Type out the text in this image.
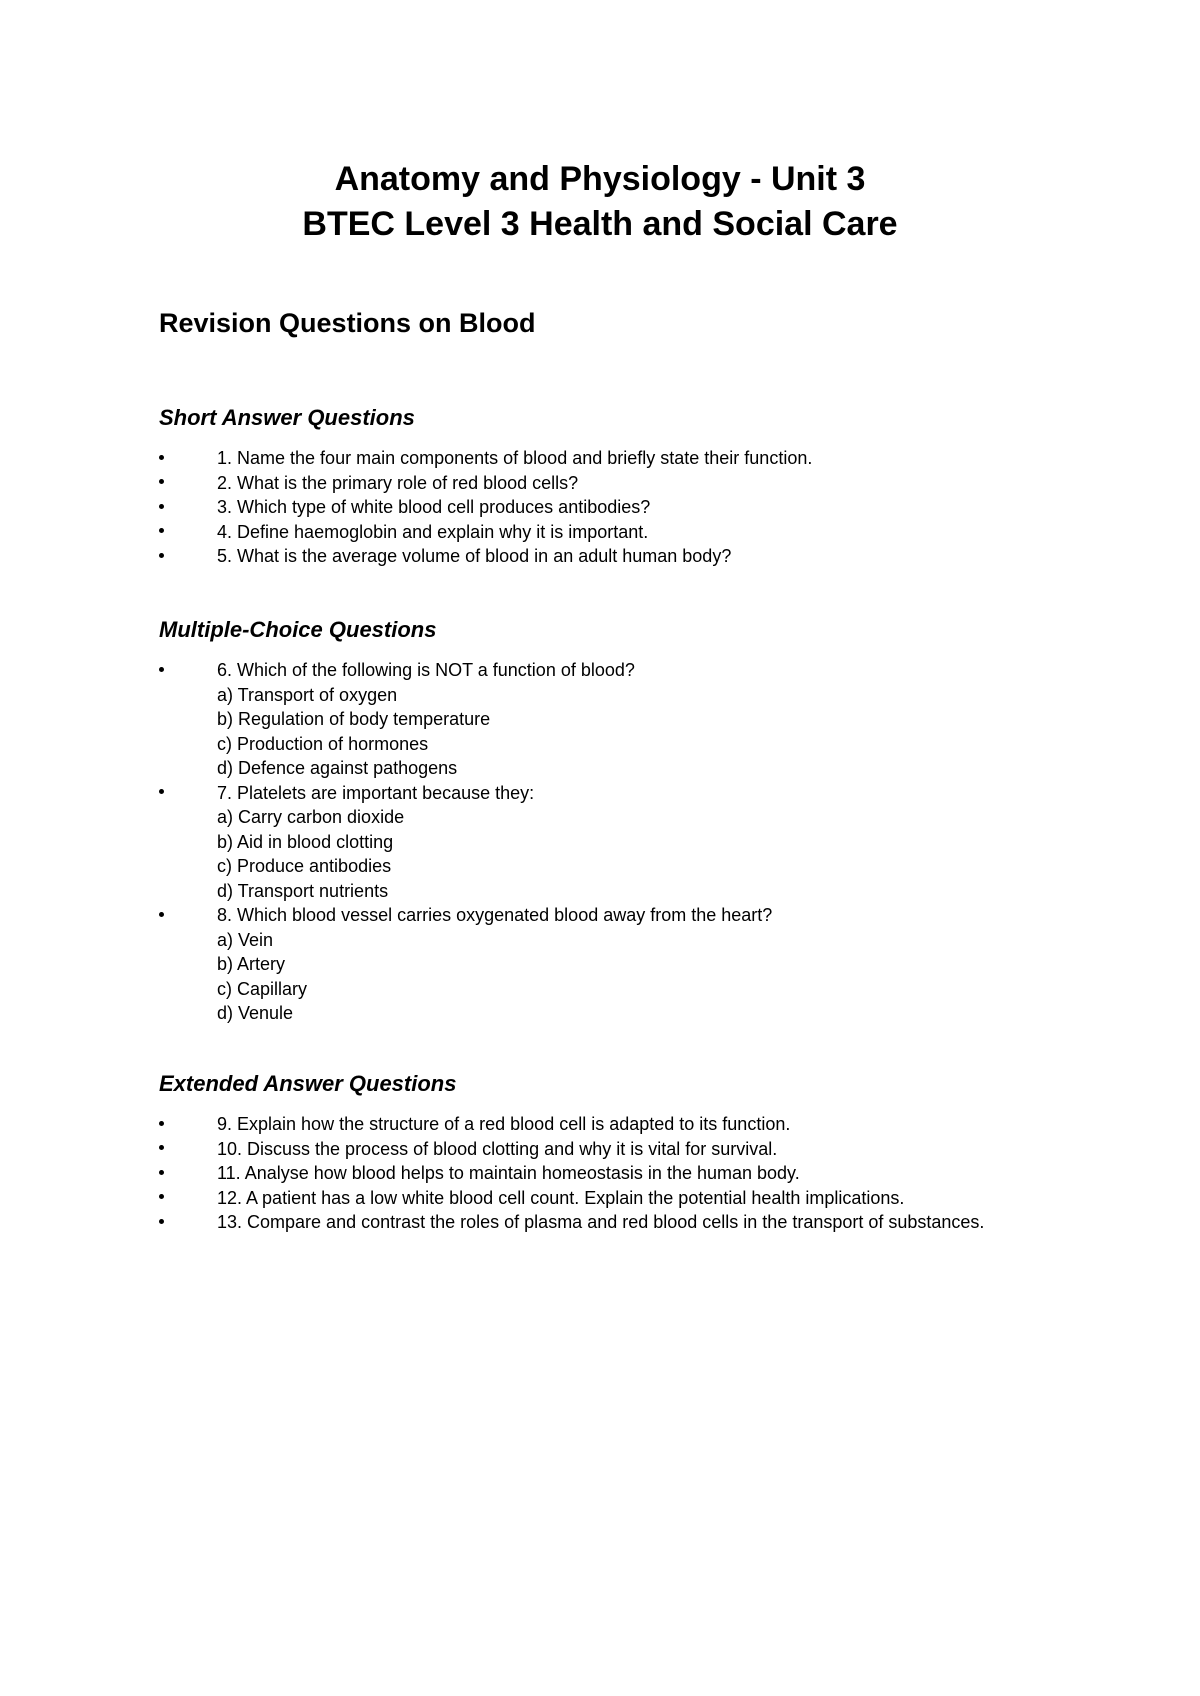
Anatomy and Physiology - Unit 3

BTEC Level 3 Health and Social Care

Revision Questions on Blood
Short Answer Questions
1. Name the four main components of blood and briefly state their function.
2. What is the primary role of red blood cells?
3. Which type of white blood cell produces antibodies?
4. Define haemoglobin and explain why it is important.
5. What is the average volume of blood in an adult human body?
Multiple-Choice Questions
6. Which of the following is NOT a function of blood?
a) Transport of oxygen
b) Regulation of body temperature
c) Production of hormones
d) Defence against pathogens
7. Platelets are important because they:
a) Carry carbon dioxide
b) Aid in blood clotting
c) Produce antibodies
d) Transport nutrients
8. Which blood vessel carries oxygenated blood away from the heart?
a) Vein
b) Artery
c) Capillary
d) Venule
Extended Answer Questions
9. Explain how the structure of a red blood cell is adapted to its function.
10. Discuss the process of blood clotting and why it is vital for survival.
11. Analyse how blood helps to maintain homeostasis in the human body.
12. A patient has a low white blood cell count. Explain the potential health implications.
13. Compare and contrast the roles of plasma and red blood cells in the transport of substances.
